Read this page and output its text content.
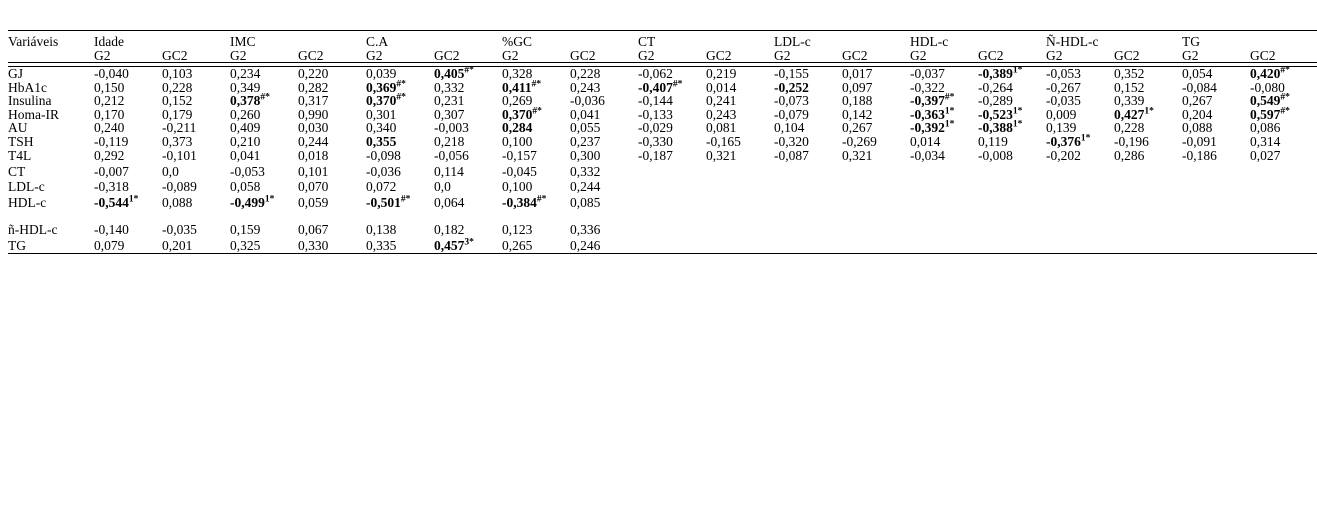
Variáveis	Idade		IMC		C.A		%GC		CT		LDL-c		HDL-c		Ñ-HDL-c		TG	
	G2	GC2	G2	GC2	G2	GC2	G2	GC2	G2	GC2	G2	GC2	G2	GC2	G2	GC2	G2	GC2

GJ	-0,040	0,103	0,234	0,220	0,039	0,405#*	0,328	0,228	-0,062	0,219	-0,155	0,017	-0,037	$-0,389^{1*}$	-0,053	0,352	0,054	0,420#*
HbA1c	0,150	0,228	0,349	0,282	0,369#*	0,332	0,411#*	0,243	-0,407#*	0,014	-0,252	0,097	-0,322	-0,264	-0,267	0,152	-0,084	-0,080
Insulina	0,212	0,152	0,378#*	0,317	0,370#*	0,231	0,269	-0,036	-0,144	0,241	-0,073	0,188	-0,397#*	-0,289	-0,035	0,339	0,267	0,549#*
Homa-IR	0,170	0,179	0,260	0,990	0,301	0,307	0,370#*	0,041	-0,133	0,243	-0,079	0,142	$-0,363^{1*}$	$-0,523^{1*}$	0,009	$0,427^{1*}$	0,204	0,597#*
AU	0,240	-0,211	0,409	0,030	0,340	-0,003	0,284	0,055	-0,029	0,081	0,104	0,267	$-0,392^{1*}$	$-0,388^{1*}$	0,139	0,228	0,088	0,086
TSH	-0,119	0,373	0,210	0,244	0,355	0,218	0,100	0,237	-0,330	-0,165	-0,320	-0,269	0,014	0,119	$-0,376^{1*}$	-0,196	-0,091	0,314
T4L	0,292	-0,101	0,041	0,018	-0,098	-0,056	-0,157	0,300	-0,187	0,321	-0,087	0,321	-0,034	-0,008	-0,202	0,286	-0,186	0,027
CT	-0,007	0,0	-0,053	0,101	-0,036	0,114	-0,045	0,332										
LDL-c	-0,318	-0,089	0,058	0,070	0,072	0,0	0,100	0,244										
HDL-c	$-0,544^{1*}$	0,088	$-0,499^{1*}$	0,059	-0,501#*	0,064	-0,384#*	0,085										

ñ-HDL-c	-0,140	-0,035	0,159	0,067	0,138	0,182	0,123	0,336										
TG	0,079	0,201	0,325	0,330	0,335	$0,457^{3*}$	0,265	0,246										
